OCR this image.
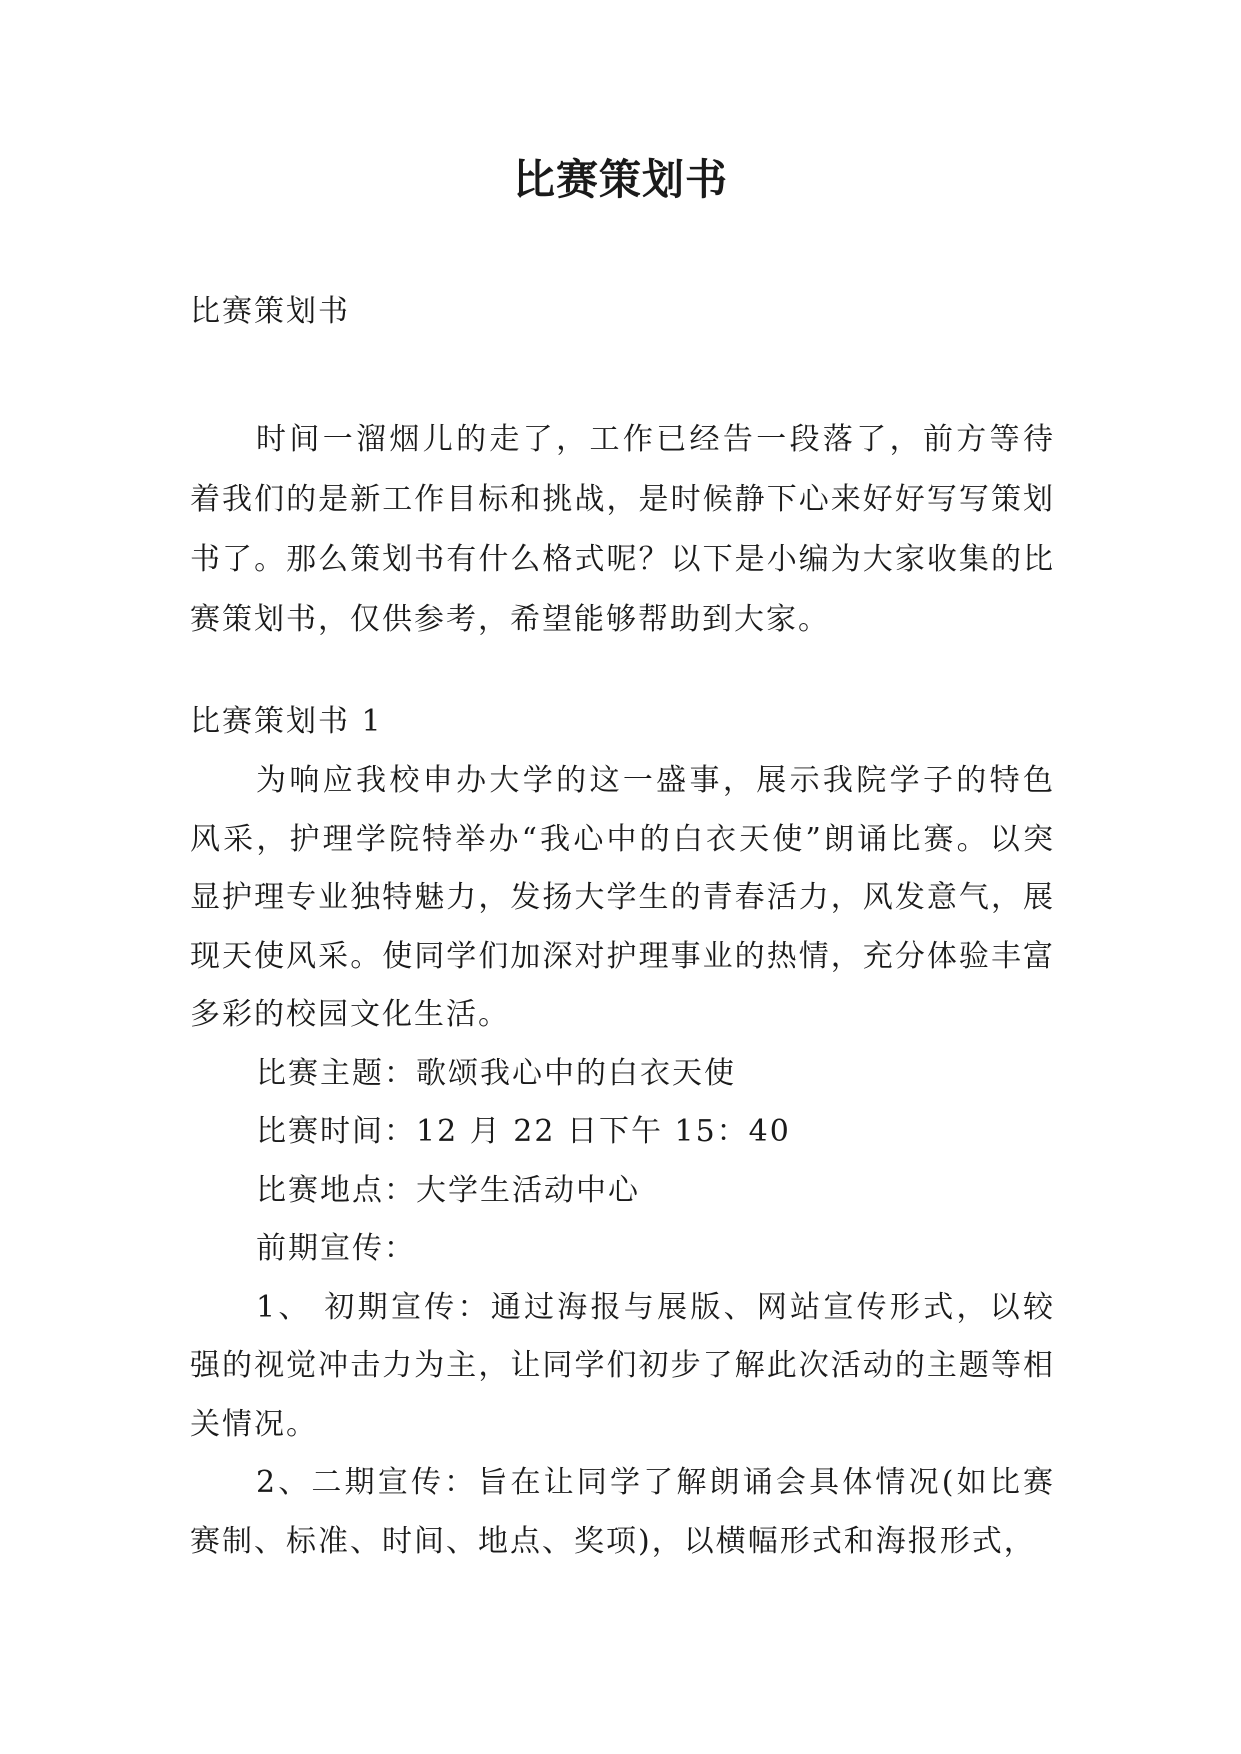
比赛策划书

比赛策划书

时间一溜烟儿的走了，工作已经告一段落了，前方等待着我们的是新工作目标和挑战，是时候静下心来好好写写策划书了。那么策划书有什么格式呢？以下是小编为大家收集的比赛策划书，仅供参考，希望能够帮助到大家。

比赛策划书 1

为响应我校申办大学的这一盛事，展示我院学子的特色风采，护理学院特举办“我心中的白衣天使”朗诵比赛。以突显护理专业独特魅力，发扬大学生的青春活力，风发意气，展现天使风采。使同学们加深对护理事业的热情，充分体验丰富多彩的校园文化生活。

比赛主题：歌颂我心中的白衣天使

比赛时间：12 月 22 日下午 15：40

比赛地点：大学生活动中心

前期宣传：

1、 初期宣传：通过海报与展版、网站宣传形式，以较强的视觉冲击力为主，让同学们初步了解此次活动的主题等相关情况。

2、二期宣传：旨在让同学了解朗诵会具体情况(如比赛赛制、标准、时间、地点、奖项)，以横幅形式和海报形式，
